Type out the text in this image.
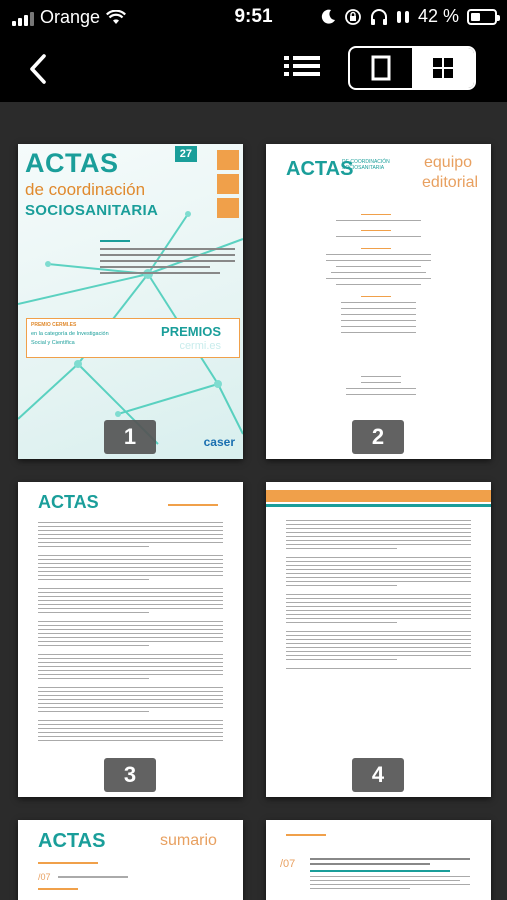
Orange	9:51	42 %
ACTAS
de coordinación
SOCIOSANITARIA
27
PREMIO CERMI.ES
en la categoría de Investigación
Social y Científica
PREMIOS
cermi.es
caser
1
ACTAS
DE COORDINACIÓN
SOCIOSANITARIA equipo
editorial
2
ACTAS
3	4
ACTAS	sumario
/07
/07
